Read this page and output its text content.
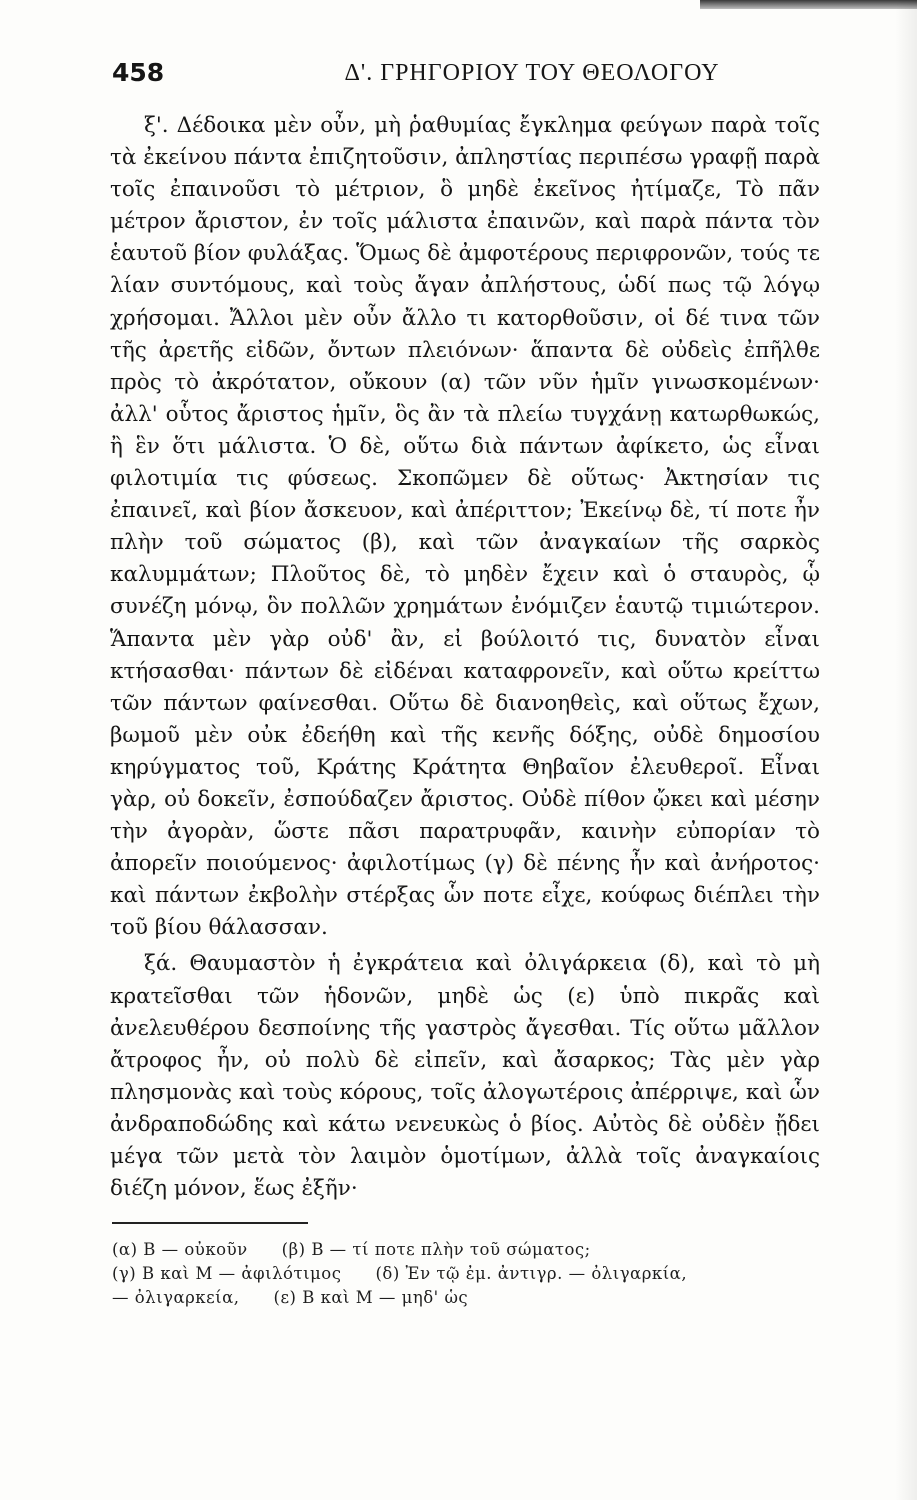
458	Δ'. ΓΡΗΓΟΡΙΟΥ ΤΟΥ ΘΕΟΛΟΓΟΥ

ξ'. Δέδοικα μὲν οὖν, μὴ ῥαθυμίας ἔγκλημα φεύγων παρὰ τοῖς τὰ ἐκείνου πάντα ἐπιζητοῦσιν, ἀπληστίας περιπέσω γραφῇ παρὰ τοῖς ἐπαινοῦσι τὸ μέτριον, ὃ μηδὲ ἐκεῖνος ἠτίμαζε, Τὸ πᾶν μέτρον ἄριστον, ἐν τοῖς μάλιστα ἐπαινῶν, καὶ παρὰ πάντα τὸν ἑαυτοῦ βίον φυλάξας. Ὅμως δὲ ἀμφοτέρους περιφρονῶν, τούς τε λίαν συντόμους, καὶ τοὺς ἄγαν ἀπλήστους, ὡδί πως τῷ λόγῳ χρήσομαι. Ἄλλοι μὲν οὖν ἄλλο τι κατορθοῦσιν, οἱ δέ τινα τῶν τῆς ἀρετῆς εἰδῶν, ὄντων πλειόνων· ἅπαντα δὲ οὐδεὶς ἐπῆλθε πρὸς τὸ ἀκρότατον, οὔκουν (α) τῶν νῦν ἡμῖν γινωσκομένων· ἀλλ' οὗτος ἄριστος ἡμῖν, ὃς ἂν τὰ πλείω τυγχάνῃ κατωρθωκώς, ἢ ἓν ὅτι μάλιστα. Ὁ δὲ, οὕτω διὰ πάντων ἀφίκετο, ὡς εἶναι φιλοτιμία τις φύσεως. Σκοπῶμεν δὲ οὕτως· Ἀκτησίαν τις ἐπαινεῖ, καὶ βίον ἄσκευον, καὶ ἀπέριττον; Ἐκείνῳ δὲ, τί ποτε ἦν πλὴν τοῦ σώματος (β), καὶ τῶν ἀναγκαίων τῆς σαρκὸς καλυμμάτων; Πλοῦτος δὲ, τὸ μηδὲν ἔχειν καὶ ὁ σταυρὸς, ᾧ συνέζη μόνῳ, ὃν πολλῶν χρημάτων ἐνόμιζεν ἑαυτῷ τιμιώτερον. Ἅπαντα μὲν γὰρ οὐδ' ἂν, εἰ βούλοιτό τις, δυνατὸν εἶναι κτήσασθαι· πάντων δὲ εἰδέναι καταφρονεῖν, καὶ οὕτω κρείττω τῶν πάντων φαίνεσθαι. Οὕτω δὲ διανοηθεὶς, καὶ οὕτως ἔχων, βωμοῦ μὲν οὐκ ἐδεήθη καὶ τῆς κενῆς δόξης, οὐδὲ δημοσίου κηρύγματος τοῦ, Κράτης Κράτητα Θηβαῖον ἐλευθεροῖ. Εἶναι γὰρ, οὐ δοκεῖν, ἐσπούδαζεν ἄριστος. Οὐδὲ πίθον ᾤκει καὶ μέσην τὴν ἀγορὰν, ὥστε πᾶσι παρατρυφᾶν, καινὴν εὐπορίαν τὸ ἀπορεῖν ποιούμενος· ἀφιλοτίμως (γ) δὲ πένης ἦν καὶ ἀνήροτος· καὶ πάντων ἐκβολὴν στέρξας ὧν ποτε εἶχε, κούφως διέπλει τὴν τοῦ βίου θάλασσαν.

ξά. Θαυμαστὸν ἡ ἐγκράτεια καὶ ὀλιγάρκεια (δ), καὶ τὸ μὴ κρατεῖσθαι τῶν ἡδονῶν, μηδὲ ὡς (ε) ὑπὸ πικρᾶς καὶ ἀνελευθέρου δεσποίνης τῆς γαστρὸς ἄγεσθαι. Τίς οὕτω μᾶλλον ἄτροφος ἦν, οὐ πολὺ δὲ εἰπεῖν, καὶ ἄσαρκος; Τὰς μὲν γὰρ πλησμονὰς καὶ τοὺς κόρους, τοῖς ἀλογωτέροις ἀπέρριψε, καὶ ὧν ἀνδραποδώδης καὶ κάτω νενευκὼς ὁ βίος. Αὐτὸς δὲ οὐδὲν ᾔδει μέγα τῶν μετὰ τὸν λαιμὸν ὁμοτίμων, ἀλλὰ τοῖς ἀναγκαίοις διέζη μόνον, ἕως ἐξῆν·

(α) Β — οὐκοῦν (β) Β — τί ποτε πλὴν τοῦ σώματος;
(γ) Β καὶ Μ — ἀφιλότιμος (δ) Ἐν τῷ ἐμ. ἀντιγρ. — ὀλιγαρκία,
— ὀλιγαρκεία, (ε) Β καὶ Μ — μηδ' ὡς
